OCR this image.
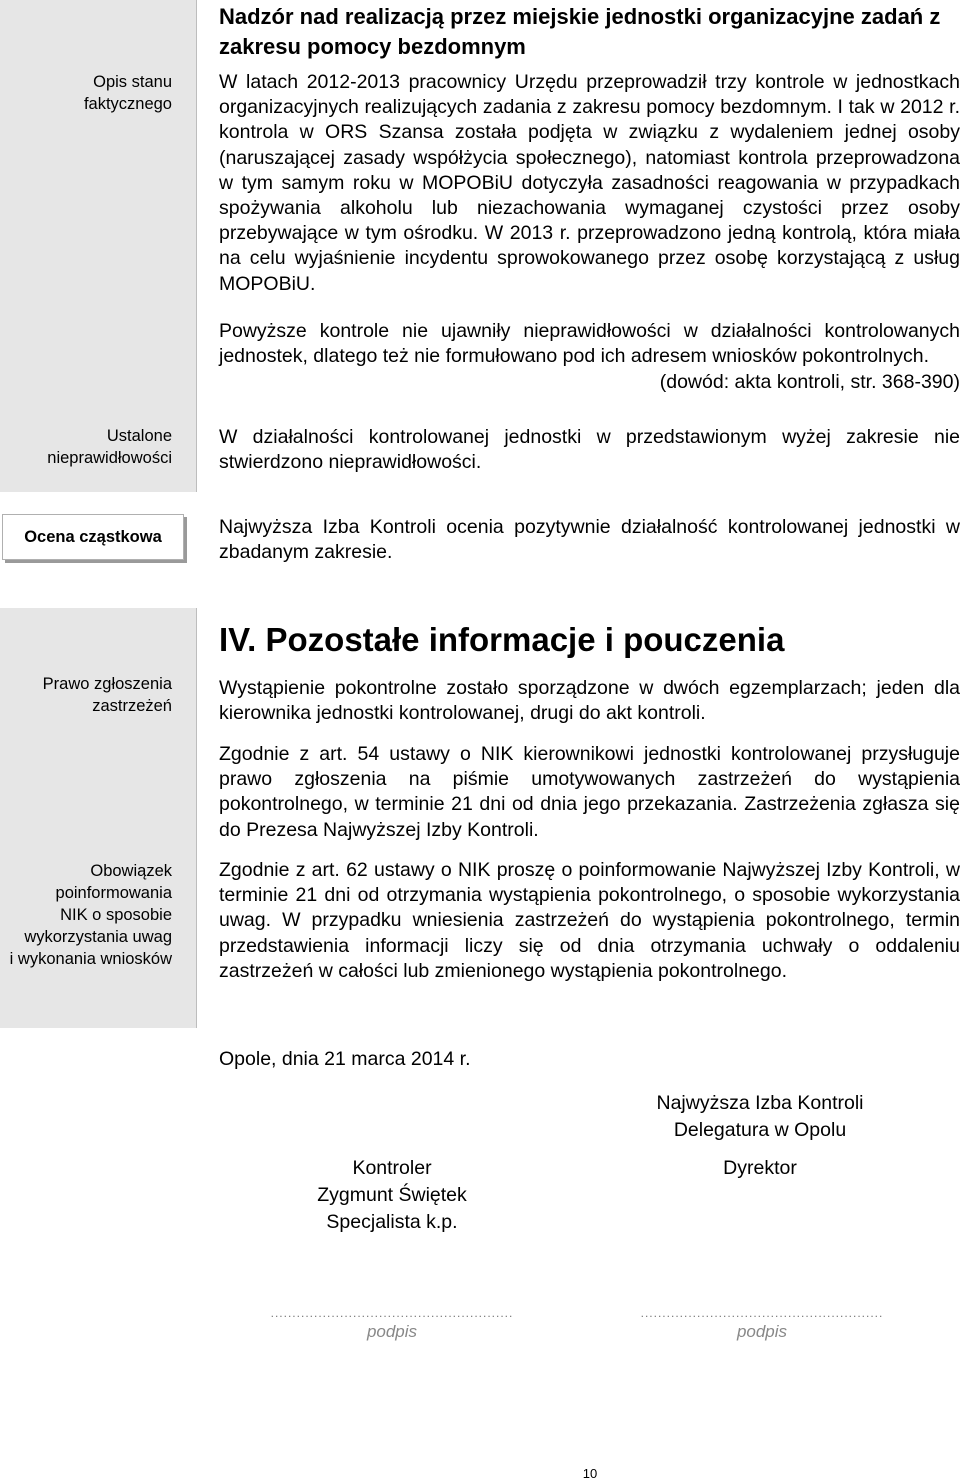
Opis stanu
faktycznego
Ustalone
nieprawidłowości
Ocena cząstkowa
Prawo zgłoszenia
zastrzeżeń
Obowiązek
poinformowania
NIK o sposobie
wykorzystania uwag
i wykonania wniosków
Nadzór nad realizacją przez miejskie jednostki organizacyjne zadań z zakresu pomocy bezdomnym

W latach 2012-2013 pracownicy Urzędu przeprowadził trzy kontrole w jednostkach organizacyjnych realizujących zadania z zakresu pomocy bezdomnym. I tak w 2012 r. kontrola w ORS Szansa została podjęta w związku z wydaleniem jednej osoby (naruszającej zasady współżycia społecznego), natomiast kontrola przeprowadzona w tym samym roku w MOPOBiU dotyczyła zasadności reagowania w przypadkach spożywania alkoholu lub niezachowania wymaganej czystości przez osoby przebywające w tym ośrodku. W 2013 r. przeprowadzono jedną kontrolą, która miała na celu wyjaśnienie incydentu sprowokowanego przez osobę korzystającą z usług MOPOBiU.

Powyższe kontrole nie ujawniły nieprawidłowości w działalności kontrolowanych jednostek, dlatego też nie formułowano pod ich adresem wniosków pokontrolnych.

(dowód: akta kontroli, str. 368-390)

W działalności kontrolowanej jednostki w przedstawionym wyżej zakresie nie stwierdzono nieprawidłowości.

Najwyższa Izba Kontroli ocenia pozytywnie działalność kontrolowanej jednostki w zbadanym zakresie.

IV. Pozostałe informacje i pouczenia

Wystąpienie pokontrolne zostało sporządzone w dwóch egzemplarzach; jeden dla kierownika jednostki kontrolowanej, drugi do akt kontroli.

Zgodnie z art. 54 ustawy o NIK kierownikowi jednostki kontrolowanej przysługuje prawo zgłoszenia na piśmie umotywowanych zastrzeżeń do wystąpienia pokontrolnego, w terminie 21 dni od dnia jego przekazania. Zastrzeżenia zgłasza się do Prezesa Najwyższej Izby Kontroli.

Zgodnie z art. 62 ustawy o NIK proszę o poinformowanie Najwyższej Izby Kontroli, w terminie 21 dni od otrzymania wystąpienia pokontrolnego, o sposobie wykorzystania uwag. W przypadku wniesienia zastrzeżeń do wystąpienia pokontrolnego, termin przedstawienia informacji liczy się od dnia otrzymania uchwały o oddaleniu zastrzeżeń w całości lub zmienionego wystąpienia pokontrolnego.

Opole, dnia 21 marca 2014 r.
Najwyższa Izba Kontroli
Delegatura w Opolu
Kontroler
Zygmunt Świętek
Specjalista k.p.
Dyrektor
........................................................	........................................................
podpis	podpis
10
